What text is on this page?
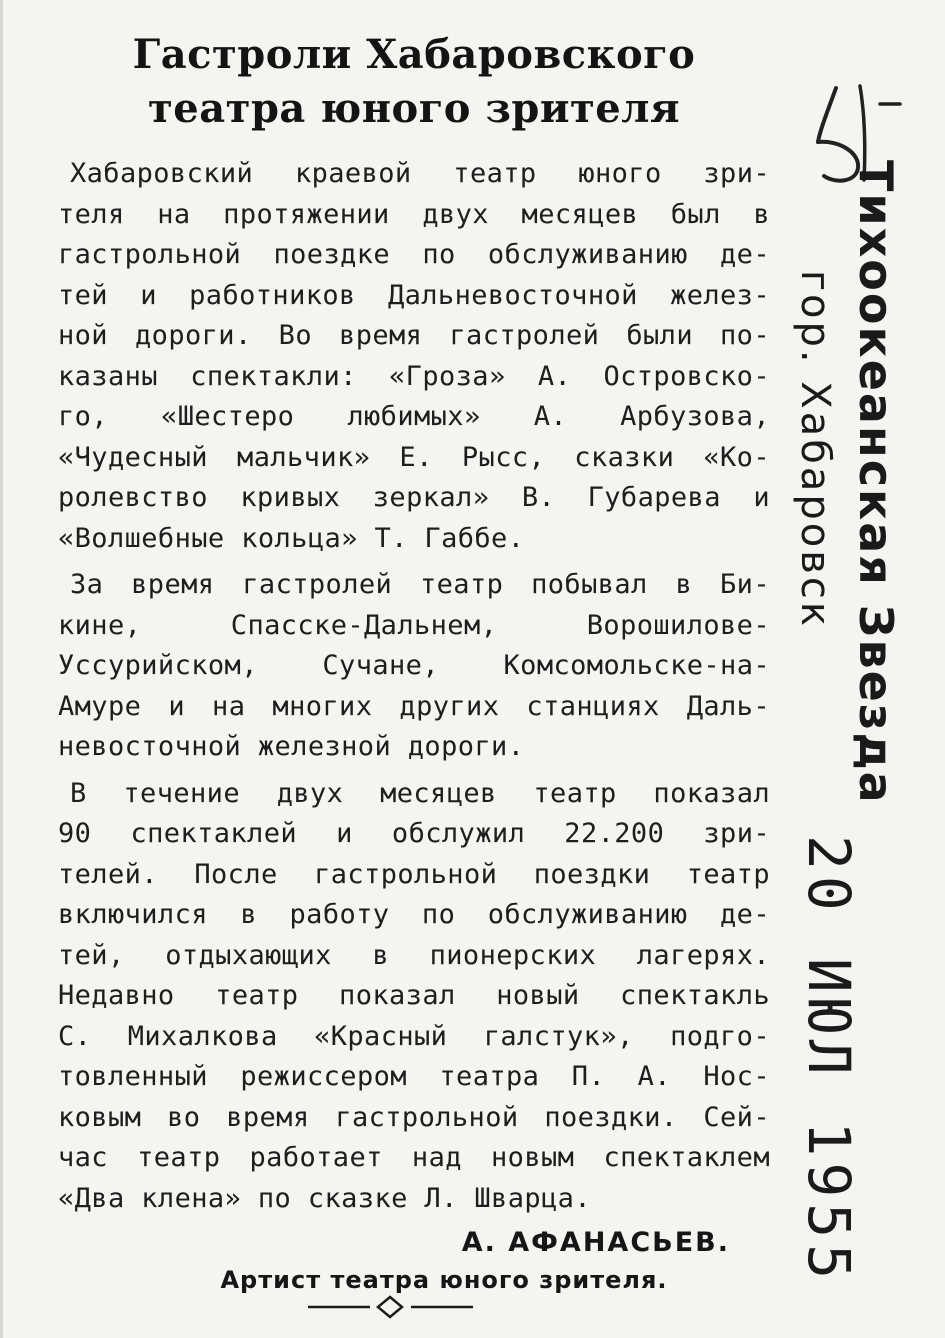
Гастроли Хабаровского
театра юного зрителя

Хабаровский краевой театр юного зри-
теля на протяжении двух месяцев был в
гастрольной поездке по обслуживанию де-
тей и работников Дальневосточной желез-
ной дороги. Во время гастролей были по-
казаны спектакли: «Гроза» А. Островско-
го, «Шестеро любимых» А. Арбузова,
«Чудесный мальчик» Е. Рысс, сказки «Ко-
ролевство кривых зеркал» В. Губарева и
«Волшебные кольца» Т. Габбе.

За время гастролей театр побывал в Би-
кине, Спасске-Дальнем, Ворошилове-
Уссурийском, Сучане, Комсомольске-на-
Амуре и на многих других станциях Даль-
невосточной железной дороги.

В течение двух месяцев театр показал
90 спектаклей и обслужил 22.200 зри-
телей. После гастрольной поездки театр
включился в работу по обслуживанию де-
тей, отдыхающих в пионерских лагерях.
Недавно театр показал новый спектакль
С. Михалкова «Красный галстук», подго-
товленный режиссером театра П. А. Нос-
ковым во время гастрольной поездки. Сей-
час театр работает над новым спектаклем
«Два клена» по сказке Л. Шварца.

А. АФАНАСЬЕВ.
Артист театра юного зрителя.
Тихоокеанская Звезда
гор. Хабаровск
20 ИЮЛ 1955
